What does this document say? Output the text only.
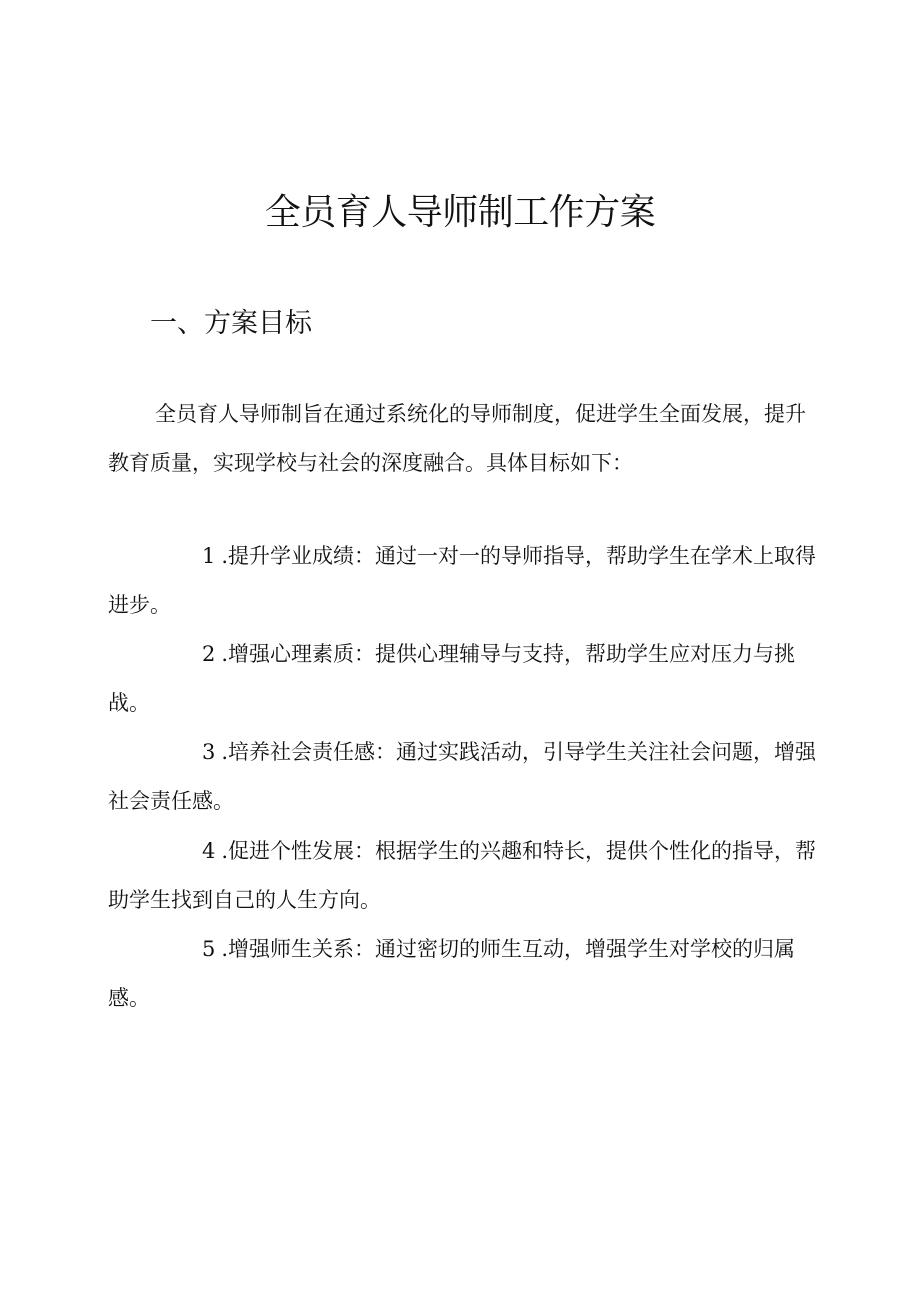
全员育人导师制工作方案
一、方案目标

全员育人导师制旨在通过系统化的导师制度，促进学生全面发展，提升教育质量，实现学校与社会的深度融合。具体目标如下：

1 .提升学业成绩：通过一对一的导师指导，帮助学生在学术上取得进步。

2 .增强心理素质：提供心理辅导与支持，帮助学生应对压力与挑战。

3 .培养社会责任感：通过实践活动，引导学生关注社会问题，增强社会责任感。

4 .促进个性发展：根据学生的兴趣和特长，提供个性化的指导，帮助学生找到自己的人生方向。

5 .增强师生关系：通过密切的师生互动，增强学生对学校的归属感。
